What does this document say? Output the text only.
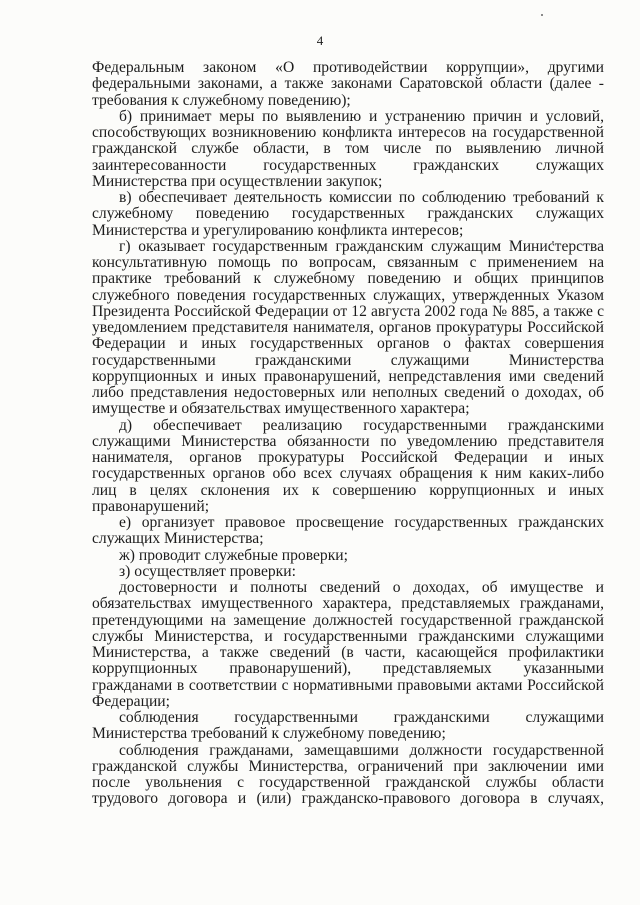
4

Федеральным законом «О противодействии коррупции», другими федеральными законами, а также законами Саратовской области (далее - требования к служебному поведению);

б) принимает меры по выявлению и устранению причин и условий, способствующих возникновению конфликта интересов на государственной гражданской службе области, в том числе по выявлению личной заинтересованности государственных гражданских служащих Министерства при осуществлении закупок;

в) обеспечивает деятельность комиссии по соблюдению требований к служебному поведению государственных гражданских служащих Министерства и урегулированию конфликта интересов;

г) оказывает государственным гражданским служащим Министерства консультативную помощь по вопросам, связанным с применением на практике требований к служебному поведению и общих принципов служебного поведения государственных служащих, утвержденных Указом Президента Российской Федерации от 12 августа 2002 года № 885, а также с уведомлением представителя нанимателя, органов прокуратуры Российской Федерации и иных государственных органов о фактах совершения государственными гражданскими служащими Министерства коррупционных и иных правонарушений, непредставления ими сведений либо представления недостоверных или неполных сведений о доходах, об имуществе и обязательствах имущественного характера;

д) обеспечивает реализацию государственными гражданскими служащими Министерства обязанности по уведомлению представителя нанимателя, органов прокуратуры Российской Федерации и иных государственных органов обо всех случаях обращения к ним каких-либо лиц в целях склонения их к совершению коррупционных и иных правонарушений;

е) организует правовое просвещение государственных гражданских служащих Министерства;

ж) проводит служебные проверки;

з) осуществляет проверки:

достоверности и полноты сведений о доходах, об имуществе и обязательствах имущественного характера, представляемых гражданами, претендующими на замещение должностей государственной гражданской службы Министерства, и государственными гражданскими служащими Министерства, а также сведений (в части, касающейся профилактики коррупционных правонарушений), представляемых указанными гражданами в соответствии с нормативными правовыми актами Российской Федерации;

соблюдения государственными гражданскими служащими Министерства требований к служебному поведению;

соблюдения гражданами, замещавшими должности государственной гражданской службы Министерства, ограничений при заключении ими после увольнения с государственной гражданской службы области трудового договора и (или) гражданско-правового договора в случаях,
